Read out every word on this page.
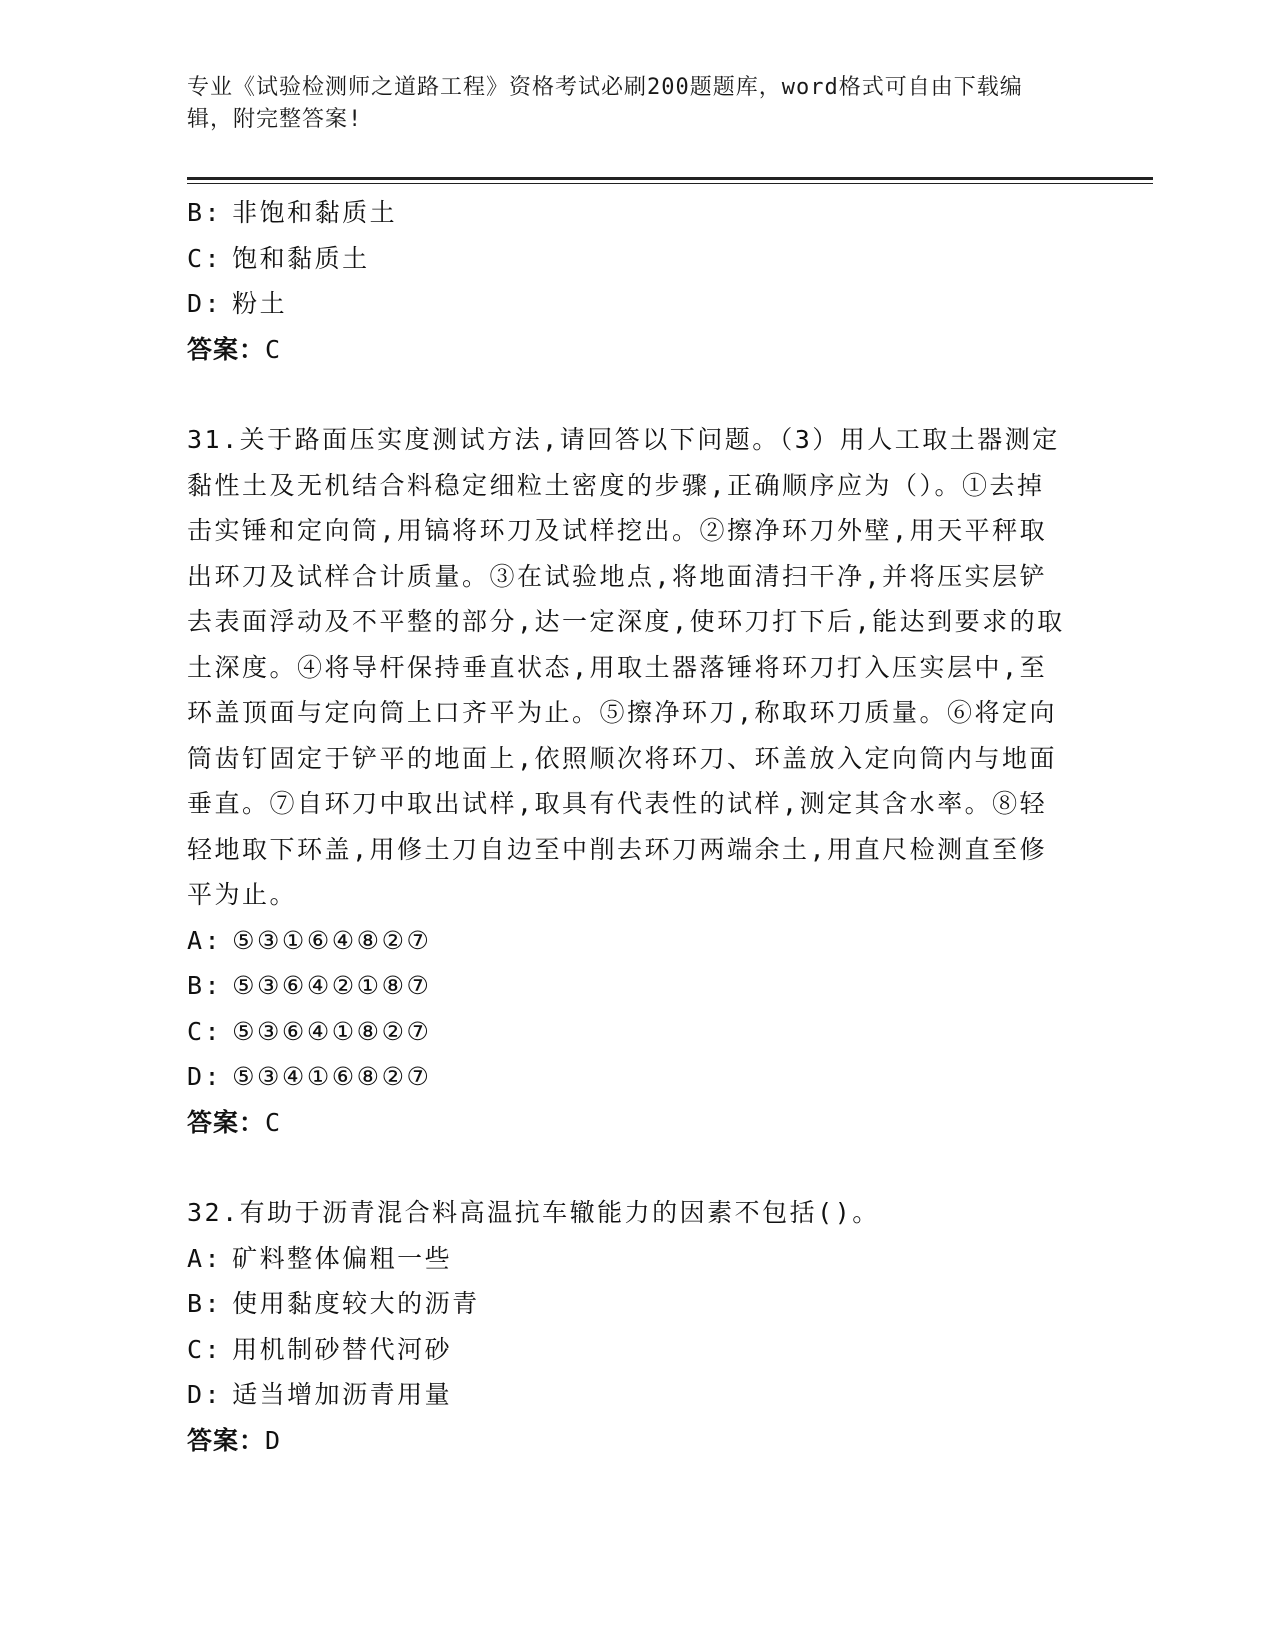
专业《试验检测师之道路工程》资格考试必刷200题题库，word格式可自由下载编辑，附完整答案!
B: 非饱和黏质土
C: 饱和黏质土
D: 粉土
答案：C
31.关于路面压实度测试方法,请回答以下问题。（3）用人工取土器测定黏性土及无机结合料稳定细粒土密度的步骤,正确顺序应为（）。①去掉击实锤和定向筒,用镐将环刀及试样挖出。②擦净环刀外壁,用天平秤取出环刀及试样合计质量。③在试验地点,将地面清扫干净,并将压实层铲去表面浮动及不平整的部分,达一定深度,使环刀打下后,能达到要求的取土深度。④将导杆保持垂直状态,用取土器落锤将环刀打入压实层中,至环盖顶面与定向筒上口齐平为止。⑤擦净环刀,称取环刀质量。⑥将定向筒齿钉固定于铲平的地面上,依照顺次将环刀、环盖放入定向筒内与地面垂直。⑦自环刀中取出试样,取具有代表性的试样,测定其含水率。⑧轻轻地取下环盖,用修土刀自边至中削去环刀两端余土,用直尺检测直至修平为止。
A: ⑤③①⑥④⑧②⑦
B: ⑤③⑥④②①⑧⑦
C: ⑤③⑥④①⑧②⑦
D: ⑤③④①⑥⑧②⑦
答案：C
32.有助于沥青混合料高温抗车辙能力的因素不包括()。
A: 矿料整体偏粗一些
B: 使用黏度较大的沥青
C: 用机制砂替代河砂
D: 适当增加沥青用量
答案：D
